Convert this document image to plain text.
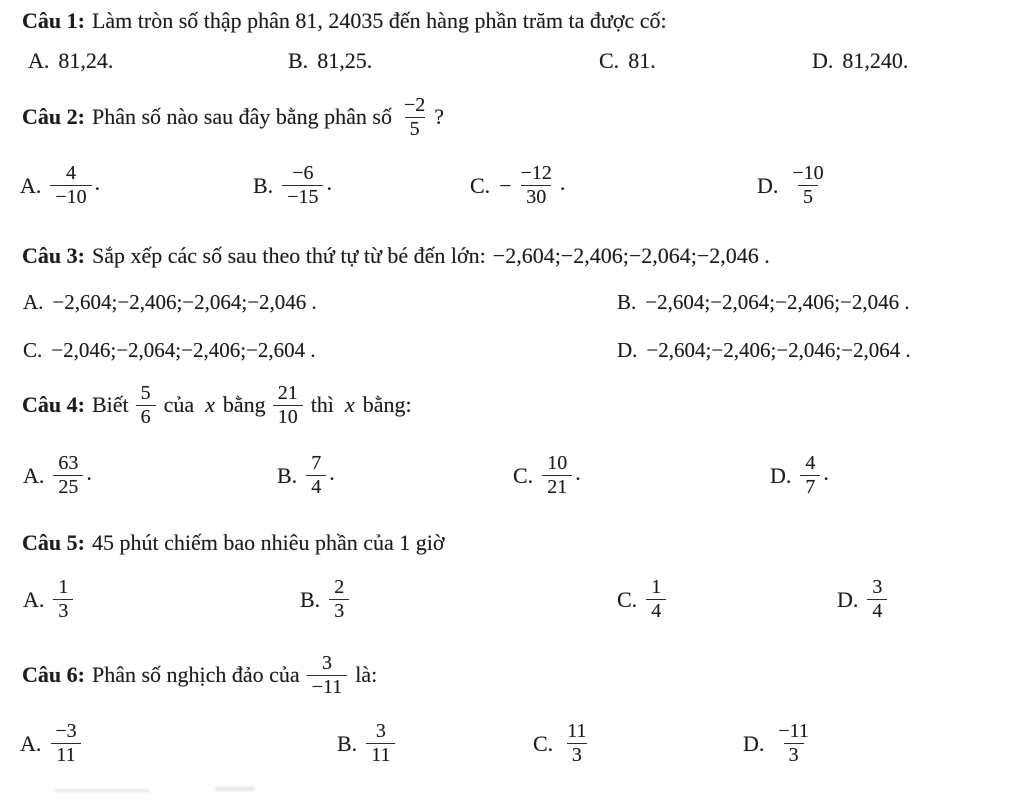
Câu 1: Làm tròn số thập phân 81, 24035 đến hàng phần trăm ta được cố:
A. 81,24.	B. 81,25.	C. 81.	D. 81,240.
Câu 2: Phân số nào sau đây bằng phân số $\frac{-2}{5}$ ?
A. $\frac{4}{-10}$ .	B. $\frac{-6}{-15}$ .	C. − $\frac{-12}{30}$ .	D. $\frac{-10}{5}$
Câu 3: Sắp xếp các số sau theo thứ tự từ bé đến lớn: −2,604;−2,406;−2,064;−2,046 .
A. −2,604;−2,406;−2,064;−2,046 .	B. −2,604;−2,064;−2,406;−2,046 .
C. −2,046;−2,064;−2,406;−2,604 .	D. −2,604;−2,406;−2,046;−2,064 .
Câu 4: Biết $\frac{5}{6}$ của x bằng $\frac{21}{10}$ thì x bằng:
A. $\frac{63}{25}$ .	B. $\frac{7}{4}$ .	C. $\frac{10}{21}$ .	D. $\frac{4}{7}$ .
Câu 5: 45 phút chiếm bao nhiêu phần của 1 giờ
A. $\frac{1}{3}$	B. $\frac{2}{3}$	C. $\frac{1}{4}$	D. $\frac{3}{4}$
Câu 6: Phân số nghịch đảo của $\frac{3}{-11}$ là:
A. $\frac{-3}{11}$	B. $\frac{3}{11}$	C. $\frac{11}{3}$	D. $\frac{-11}{3}$
